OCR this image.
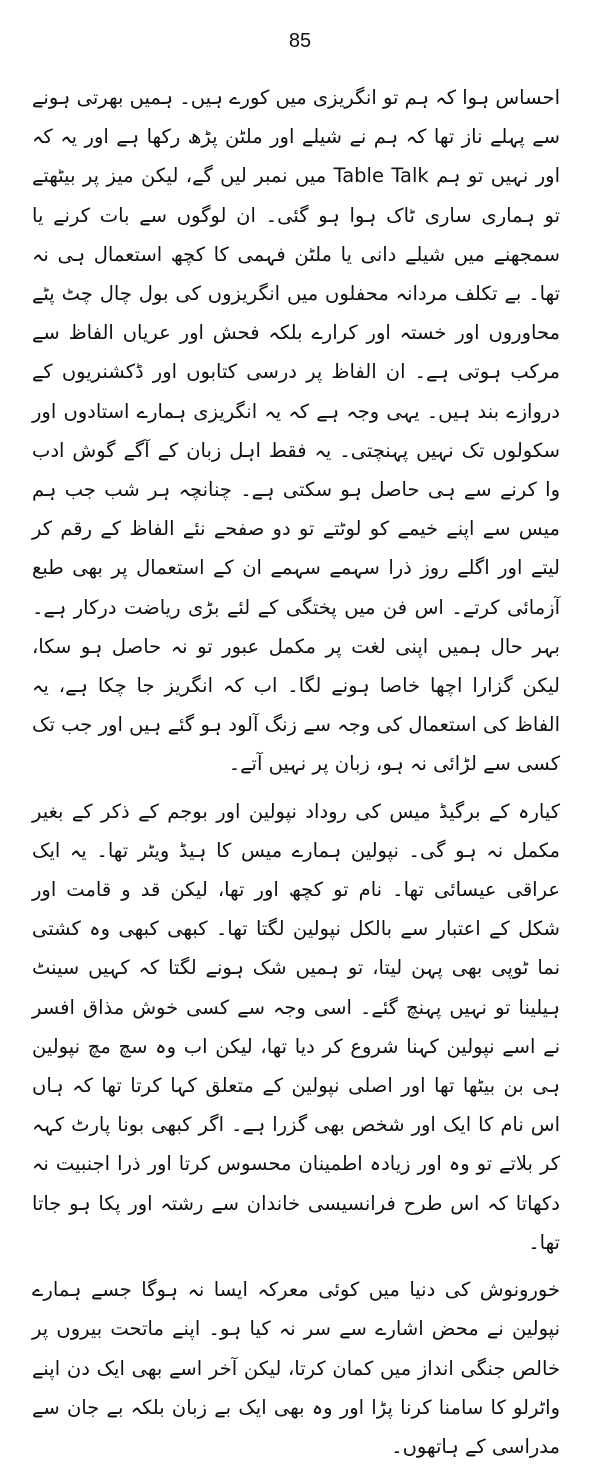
85

احساس ہوا کہ ہم تو انگریزی میں کورے ہیں۔ ہمیں بھرتی ہونے سے پہلے ناز تھا کہ ہم نے شیلے اور ملٹن پڑھ رکھا ہے اور یہ کہ اور نہیں تو ہم Table Talk میں نمبر لیں گے، لیکن میز پر بیٹھتے تو ہماری ساری ٹاک ہوا ہو گئی۔ ان لوگوں سے بات کرنے یا سمجھنے میں شیلے دانی یا ملٹن فہمی کا کچھ استعمال ہی نہ تھا۔ بے تکلف مردانہ محفلوں میں انگریزوں کی بول چال چٹ پٹے محاوروں اور خستہ اور کرارے بلکہ فحش اور عریاں الفاظ سے مرکب ہوتی ہے۔ ان الفاظ پر درسی کتابوں اور ڈکشنریوں کے دروازے بند ہیں۔ یہی وجہ ہے کہ یہ انگریزی ہمارے استادوں اور سکولوں تک نہیں پہنچتی۔ یہ فقط اہل زبان کے آگے گوش ادب وا کرنے سے ہی حاصل ہو سکتی ہے۔ چنانچہ ہر شب جب ہم میس سے اپنے خیمے کو لوٹتے تو دو صفحے نئے الفاظ کے رقم کر لیتے اور اگلے روز ذرا سہمے سہمے ان کے استعمال پر بھی طبع آزمائی کرتے۔ اس فن میں پختگی کے لئے بڑی ریاضت درکار ہے۔ بہر حال ہمیں اپنی لغت پر مکمل عبور تو نہ حاصل ہو سکا، لیکن گزارا اچھا خاصا ہونے لگا۔ اب کہ انگریز جا چکا ہے، یہ الفاظ کی استعمال کی وجہ سے زنگ آلود ہو گئے ہیں اور جب تک کسی سے لڑائی نہ ہو، زبان پر نہیں آتے۔

کیارہ کے برگیڈ میس کی روداد نپولین اور بوجم کے ذکر کے بغیر مکمل نہ ہو گی۔ نپولین ہمارے میس کا ہیڈ ویٹر تھا۔ یہ ایک عراقی عیسائی تھا۔ نام تو کچھ اور تھا، لیکن قد و قامت اور شکل کے اعتبار سے بالکل نپولین لگتا تھا۔ کبھی کبھی وہ کشتی نما ٹوپی بھی پہن لیتا، تو ہمیں شک ہونے لگتا کہ کہیں سینٹ ہیلینا تو نہیں پہنچ گئے۔ اسی وجہ سے کسی خوش مذاق افسر نے اسے نپولین کہنا شروع کر دیا تھا، لیکن اب وہ سچ مچ نپولین ہی بن بیٹھا تھا اور اصلی نپولین کے متعلق کہا کرتا تھا کہ ہاں اس نام کا ایک اور شخص بھی گزرا ہے۔ اگر کبھی بونا پارٹ کہہ کر بلاتے تو وہ اور زیادہ اطمینان محسوس کرتا اور ذرا اجنبیت نہ دکھاتا کہ اس طرح فرانسیسی خاندان سے رشتہ اور پکا ہو جاتا تھا۔

خورونوش کی دنیا میں کوئی معرکہ ایسا نہ ہوگا جسے ہمارے نپولین نے محض اشارے سے سر نہ کیا ہو۔ اپنے ماتحت بیروں پر خالص جنگی انداز میں کمان کرتا، لیکن آخر اسے بھی ایک دن اپنے واٹرلو کا سامنا کرنا پڑا اور وہ بھی ایک بے زبان بلکہ بے جان سے مدراسی کے ہاتھوں۔
